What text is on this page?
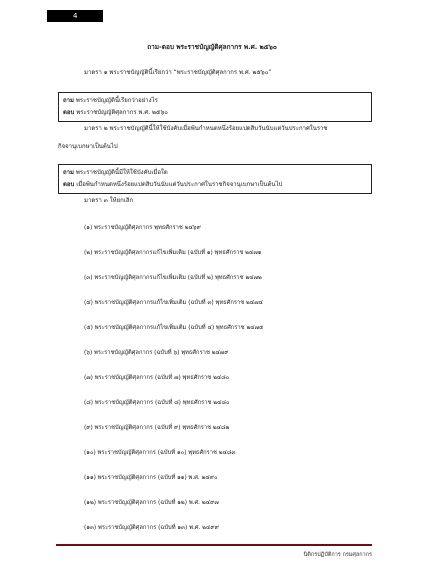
4
ถาม-ตอบ พระราชบัญญัติศุลกากร พ.ศ. ๒๕๖๐
มาตรา ๑ พระราชบัญญัตินี้เรียกว่า “พระราชบัญญัติศุลกากร พ.ศ. ๒๕๖๐”
ถาม พระราชบัญญัตินี้เรียกว่าอย่างไร
ตอบ พระราชบัญญัติศุลกากร พ.ศ. ๒๕๖๐
มาตรา ๒ พระราชบัญญัตินี้ให้ใช้บังคับเมื่อพ้นกำหนดหนึ่งร้อยแปดสิบวันนับแต่วันประกาศในราช
กิจจานุเบกษาเป็นต้นไป
ถาม พระราชบัญญัตินี้มีให้ใช้บังคับเมื่อใด
ตอบ เมื่อพ้นกำหนดหนึ่งร้อยแปดสิบวันนับแต่วันประกาศในราชกิจจานุเบกษาเป็นต้นไป
มาตรา ๓ ให้ยกเลิก
(๑) พระราชบัญญัติศุลกากร พุทธศักราช ๒๔๖๙
(๒) พระราชบัญญัติศุลกากรแก้ไขเพิ่มเติม (ฉบับที่ ๑) พุทธศักราช ๒๔๗๑
(๓) พระราชบัญญัติศุลกากรแก้ไขเพิ่มเติม (ฉบับที่ ๒) พุทธศักราช ๒๔๗๒
(๔) พระราชบัญญัติศุลกากรแก้ไขเพิ่มเติม (ฉบับที่ ๓) พุทธศักราช ๒๔๗๔
(๕) พระราชบัญญัติศุลกากรแก้ไขเพิ่มเติม (ฉบับที่ ๔) พุทธศักราช ๒๔๗๕
(๖) พระราชบัญญัติศุลกากร (ฉบับที่ ๖) พุทธศักราช ๒๔๗๙
(๗) พระราชบัญญัติศุลกากร (ฉบับที่ ๗) พุทธศักราช ๒๔๘๐
(๘) พระราชบัญญัติศุลกากร (ฉบับที่ ๘) พุทธศักราช ๒๔๘๐
(๙) พระราชบัญญัติศุลกากร (ฉบับที่ ๙) พุทธศักราช ๒๔๘๒
(๑๐) พระราชบัญญัติศุลกากร (ฉบับที่ ๑๐) พุทธศักราช ๒๔๘๓
(๑๑) พระราชบัญญัติศุลกากร (ฉบับที่ ๑๑) พ.ศ. ๒๔๙๐
(๑๒) พระราชบัญญัติศุลกากร (ฉบับที่ ๑๒) พ.ศ. ๒๔๙๗
(๑๓) พระราชบัญญัติศุลกากร (ฉบับที่ ๑๓) พ.ศ. ๒๔๙๙
นิติกรปฏิบัติการ กรมศุลกากร
